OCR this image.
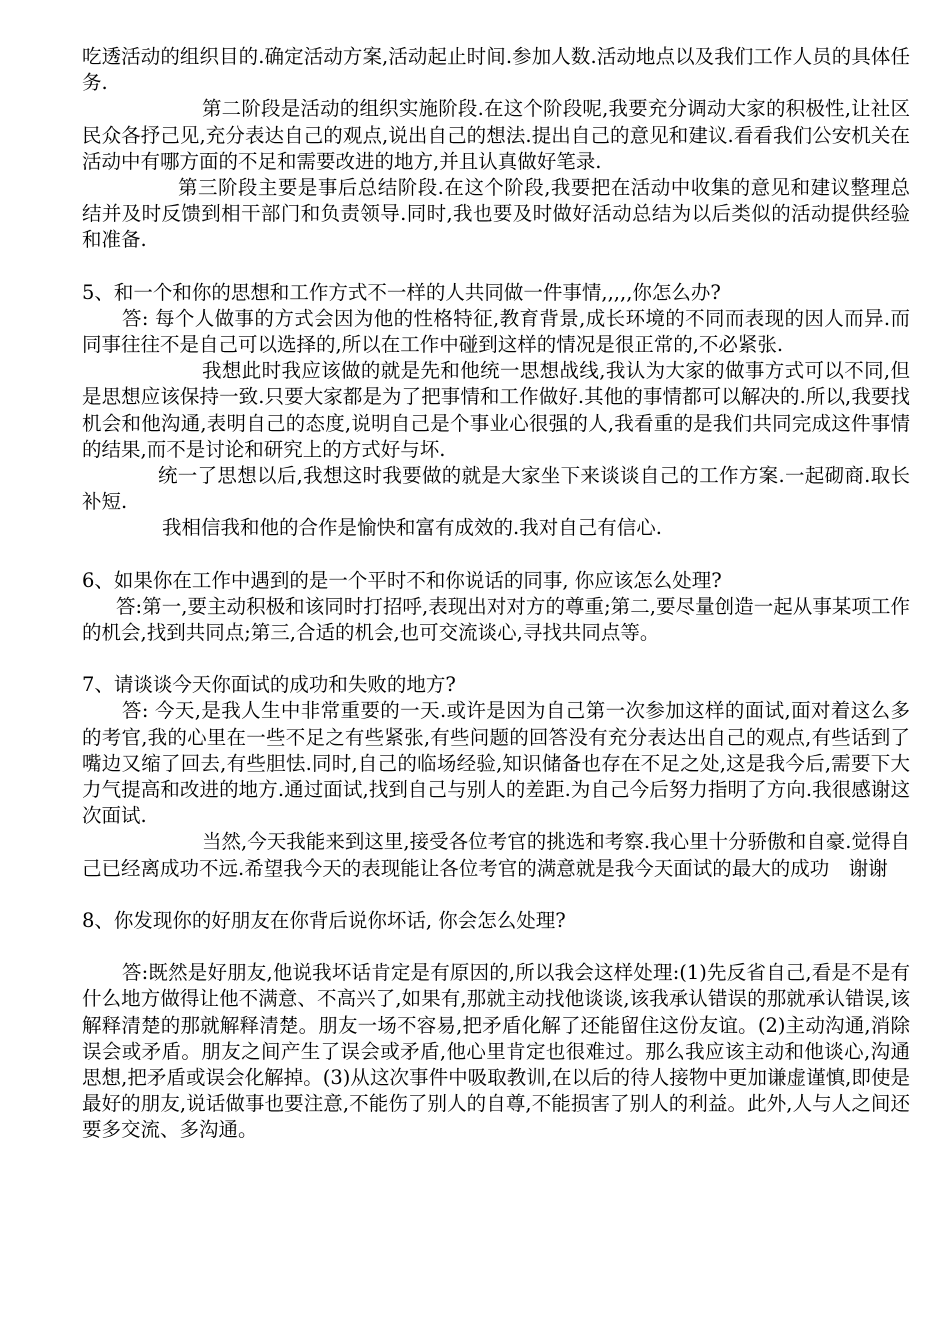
吃透活动的组织目的.确定活动方案,活动起止时间.参加人数.活动地点以及我们工作人员的具体任务.

第二阶段是活动的组织实施阶段.在这个阶段呢,我要充分调动大家的积极性,让社区民众各抒己见,充分表达自己的观点,说出自己的想法.提出自己的意见和建议.看看我们公安机关在活动中有哪方面的不足和需要改进的地方,并且认真做好笔录.

第三阶段主要是事后总结阶段.在这个阶段,我要把在活动中收集的意见和建议整理总结并及时反馈到相干部门和负责领导.同时,我也要及时做好活动总结为以后类似的活动提供经验和准备.

5、和一个和你的思想和工作方式不一样的人共同做一件事情,,,,,你怎么办?

答: 每个人做事的方式会因为他的性格特征,教育背景,成长环境的不同而表现的因人而异.而同事往往不是自己可以选择的,所以在工作中碰到这样的情况是很正常的,不必紧张.

我想此时我应该做的就是先和他统一思想战线,我认为大家的做事方式可以不同,但是思想应该保持一致.只要大家都是为了把事情和工作做好.其他的事情都可以解决的.所以,我要找机会和他沟通,表明自己的态度,说明自己是个事业心很强的人,我看重的是我们共同完成这件事情的结果,而不是讨论和研究上的方式好与坏.

统一了思想以后,我想这时我要做的就是大家坐下来谈谈自己的工作方案.一起砌商.取长补短.

我相信我和他的合作是愉快和富有成效的.我对自己有信心.

6、如果你在工作中遇到的是一个平时不和你说话的同事, 你应该怎么处理?

答:第一,要主动积极和该同时打招呼,表现出对对方的尊重;第二,要尽量创造一起从事某项工作的机会,找到共同点;第三,合适的机会,也可交流谈心,寻找共同点等。

7、请谈谈今天你面试的成功和失败的地方?

答: 今天,是我人生中非常重要的一天.或许是因为自己第一次参加这样的面试,面对着这么多的考官,我的心里在一些不足之有些紧张,有些问题的回答没有充分表达出自己的观点,有些话到了嘴边又缩了回去,有些胆怯.同时,自己的临场经验,知识储备也存在不足之处,这是我今后,需要下大力气提高和改进的地方.通过面试,找到自己与别人的差距.为自己今后努力指明了方向.我很感谢这次面试.

当然,今天我能来到这里,接受各位考官的挑选和考察.我心里十分骄傲和自豪.觉得自己已经离成功不远.希望我今天的表现能让各位考官的满意就是我今天面试的最大的成功　谢谢

8、你发现你的好朋友在你背后说你坏话, 你会怎么处理?

答:既然是好朋友,他说我坏话肯定是有原因的,所以我会这样处理:(1)先反省自己,看是不是有什么地方做得让他不满意、不高兴了,如果有,那就主动找他谈谈,该我承认错误的那就承认错误,该解释清楚的那就解释清楚。朋友一场不容易,把矛盾化解了还能留住这份友谊。(2)主动沟通,消除误会或矛盾。朋友之间产生了误会或矛盾,他心里肯定也很难过。那么我应该主动和他谈心,沟通思想,把矛盾或误会化解掉。(3)从这次事件中吸取教训,在以后的待人接物中更加谦虚谨慎,即使是最好的朋友,说话做事也要注意,不能伤了别人的自尊,不能损害了别人的利益。此外,人与人之间还要多交流、多沟通。
